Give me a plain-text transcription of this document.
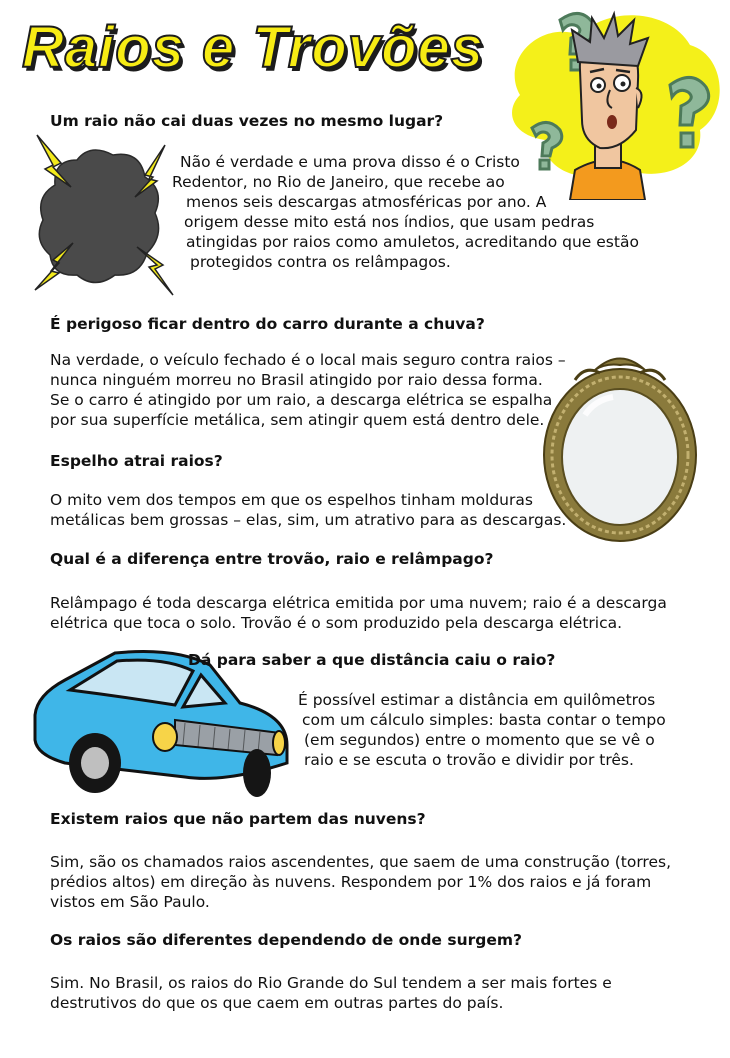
Raios e Trovões
Um raio não cai duas vezes no mesmo lugar?
Não é verdade e uma prova disso é o Cristo
Redentor, no Rio de Janeiro, que recebe ao
menos seis descargas atmosféricas por ano. A
origem desse mito está nos índios, que usam pedras
atingidas por raios como amuletos, acreditando que estão
protegidos contra os relâmpagos.
É perigoso ficar dentro do carro durante a chuva?
Na verdade, o veículo fechado é o local mais seguro contra raios –
nunca ninguém morreu no Brasil atingido por raio dessa forma.
Se o carro é atingido por um raio, a descarga elétrica se espalha
por sua superfície metálica, sem atingir quem está dentro dele.
Espelho atrai raios?
O mito vem dos tempos em que os espelhos tinham molduras
metálicas bem grossas – elas, sim, um atrativo para as descargas.
Qual é a diferença entre trovão, raio e relâmpago?
Relâmpago é toda descarga elétrica emitida por uma nuvem; raio é a descarga
elétrica que toca o solo. Trovão é o som produzido pela descarga elétrica.
Dá para saber a que distância caiu o raio?
É possível estimar a distância em quilômetros
com um cálculo simples: basta contar o tempo
(em segundos) entre o momento que se vê o
raio e se escuta o trovão e dividir por três.
Existem raios que não partem das nuvens?
Sim, são os chamados raios ascendentes, que saem de uma construção (torres,
prédios altos) em direção às nuvens. Respondem por 1% dos raios e já foram
vistos em São Paulo.
Os raios são diferentes dependendo de onde surgem?
Sim. No Brasil, os raios do Rio Grande do Sul tendem a ser mais fortes e
destrutivos do que os que caem em outras partes do país.
